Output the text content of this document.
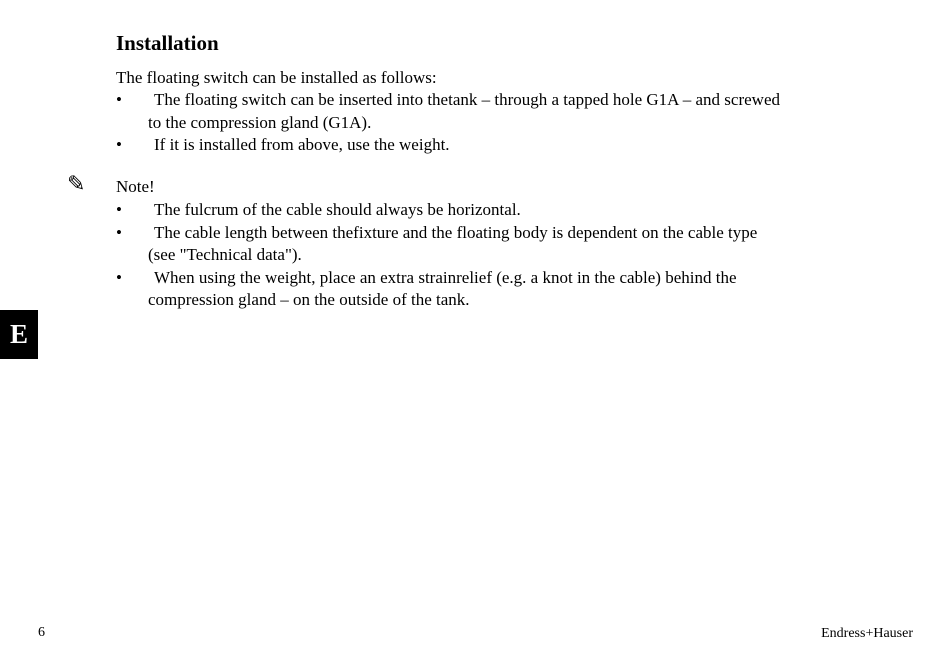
Installation
The floating switch can be installed as follows:
•	The floating switch can be inserted into thetank – through a tapped hole G1A – and screwed
to the compression gland (G1A).
•	If it is installed from above, use the weight.
✎ Note!
•	The fulcrum of the cable should always be horizontal.
•	The cable length between thefixture and the floating body is dependent on the cable type
(see "Technical data").
•	When using the weight, place an extra strainrelief (e.g. a knot in the cable) behind the
compression gland – on the outside of the tank.
E
6	Endress+Hauser
